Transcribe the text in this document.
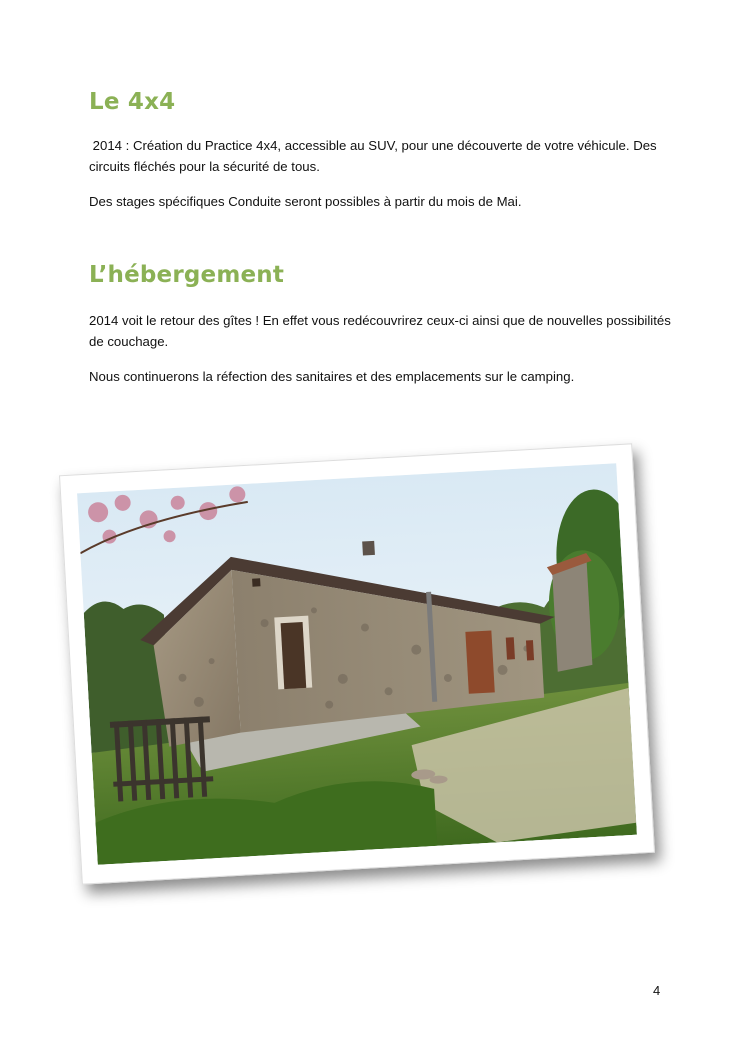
Le 4x4

2014 : Création du Practice 4x4, accessible au SUV, pour une découverte de votre véhicule. Des circuits fléchés pour la sécurité de tous.

Des stages spécifiques Conduite seront possibles à partir du mois de Mai.

L’hébergement

2014 voit le retour des gîtes ! En effet vous redécouvrirez ceux-ci ainsi que de nouvelles possibilités de couchage.

Nous continuerons la réfection des sanitaires et des emplacements sur le camping.

4
